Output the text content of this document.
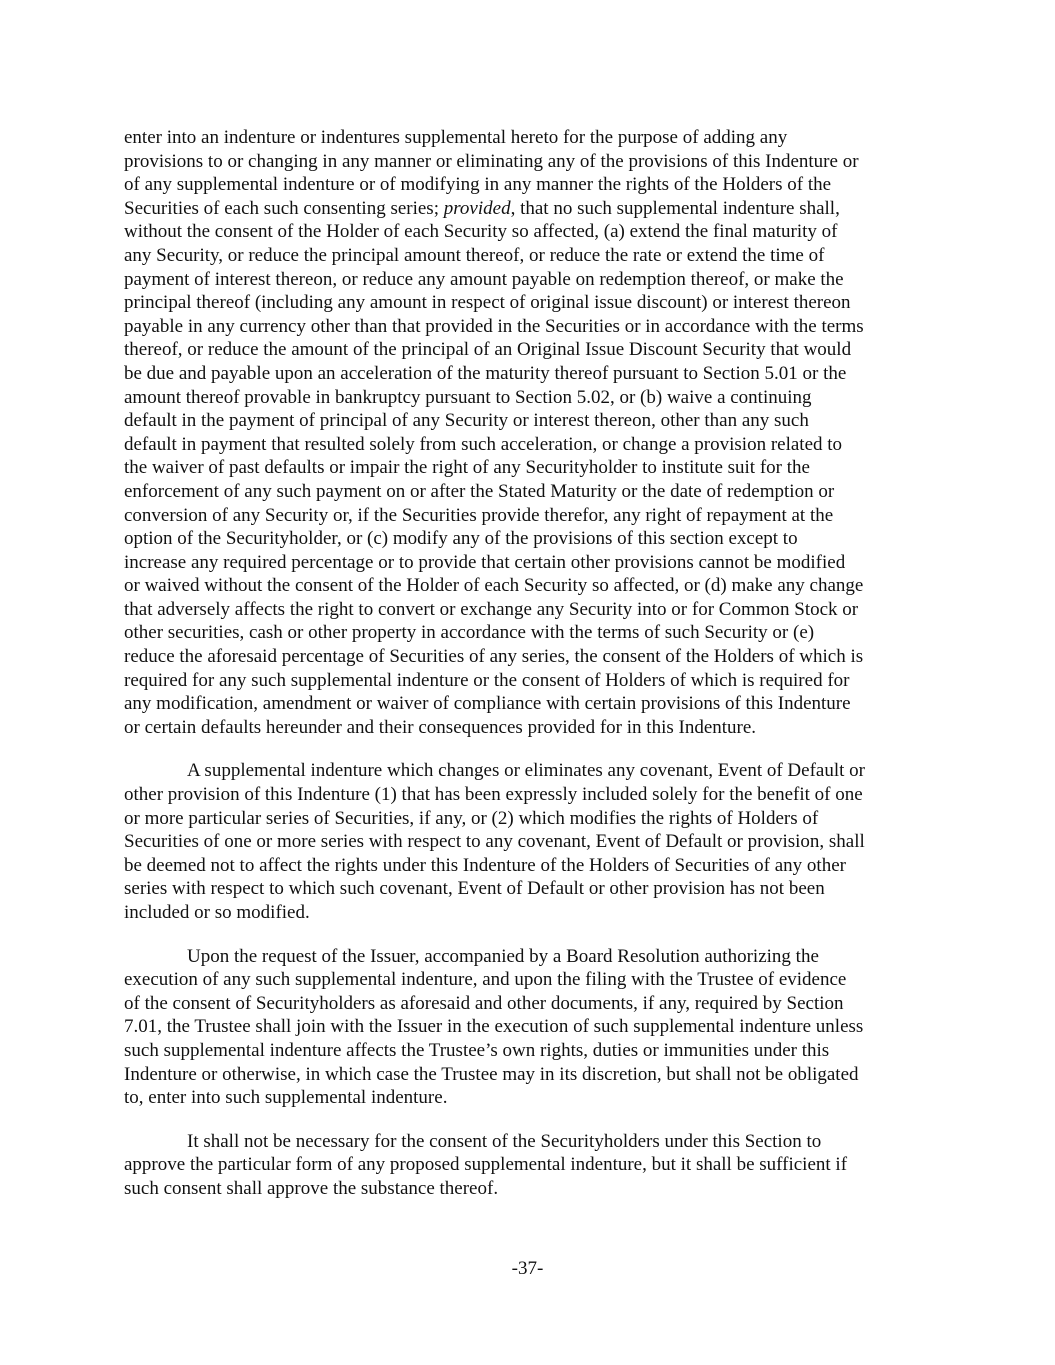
enter into an indenture or indentures supplemental hereto for the purpose of adding any
provisions to or changing in any manner or eliminating any of the provisions of this Indenture or
of any supplemental indenture or of modifying in any manner the rights of the Holders of the
Securities of each such consenting series; provided, that no such supplemental indenture shall,
without the consent of the Holder of each Security so affected, (a) extend the final maturity of
any Security, or reduce the principal amount thereof, or reduce the rate or extend the time of
payment of interest thereon, or reduce any amount payable on redemption thereof, or make the
principal thereof (including any amount in respect of original issue discount) or interest thereon
payable in any currency other than that provided in the Securities or in accordance with the terms
thereof, or reduce the amount of the principal of an Original Issue Discount Security that would
be due and payable upon an acceleration of the maturity thereof pursuant to Section 5.01 or the
amount thereof provable in bankruptcy pursuant to Section 5.02, or (b) waive a continuing
default in the payment of principal of any Security or interest thereon, other than any such
default in payment that resulted solely from such acceleration, or change a provision related to
the waiver of past defaults or impair the right of any Securityholder to institute suit for the
enforcement of any such payment on or after the Stated Maturity or the date of redemption or
conversion of any Security or, if the Securities provide therefor, any right of repayment at the
option of the Securityholder, or (c) modify any of the provisions of this section except to
increase any required percentage or to provide that certain other provisions cannot be modified
or waived without the consent of the Holder of each Security so affected, or (d) make any change
that adversely affects the right to convert or exchange any Security into or for Common Stock or
other securities, cash or other property in accordance with the terms of such Security or (e)
reduce the aforesaid percentage of Securities of any series, the consent of the Holders of which is
required for any such supplemental indenture or the consent of Holders of which is required for
any modification, amendment or waiver of compliance with certain provisions of this Indenture
or certain defaults hereunder and their consequences provided for in this Indenture.
A supplemental indenture which changes or eliminates any covenant, Event of Default or
other provision of this Indenture (1) that has been expressly included solely for the benefit of one
or more particular series of Securities, if any, or (2) which modifies the rights of Holders of
Securities of one or more series with respect to any covenant, Event of Default or provision, shall
be deemed not to affect the rights under this Indenture of the Holders of Securities of any other
series with respect to which such covenant, Event of Default or other provision has not been
included or so modified.
Upon the request of the Issuer, accompanied by a Board Resolution authorizing the
execution of any such supplemental indenture, and upon the filing with the Trustee of evidence
of the consent of Securityholders as aforesaid and other documents, if any, required by Section
7.01, the Trustee shall join with the Issuer in the execution of such supplemental indenture unless
such supplemental indenture affects the Trustee’s own rights, duties or immunities under this
Indenture or otherwise, in which case the Trustee may in its discretion, but shall not be obligated
to, enter into such supplemental indenture.
It shall not be necessary for the consent of the Securityholders under this Section to
approve the particular form of any proposed supplemental indenture, but it shall be sufficient if
such consent shall approve the substance thereof.
-37-
